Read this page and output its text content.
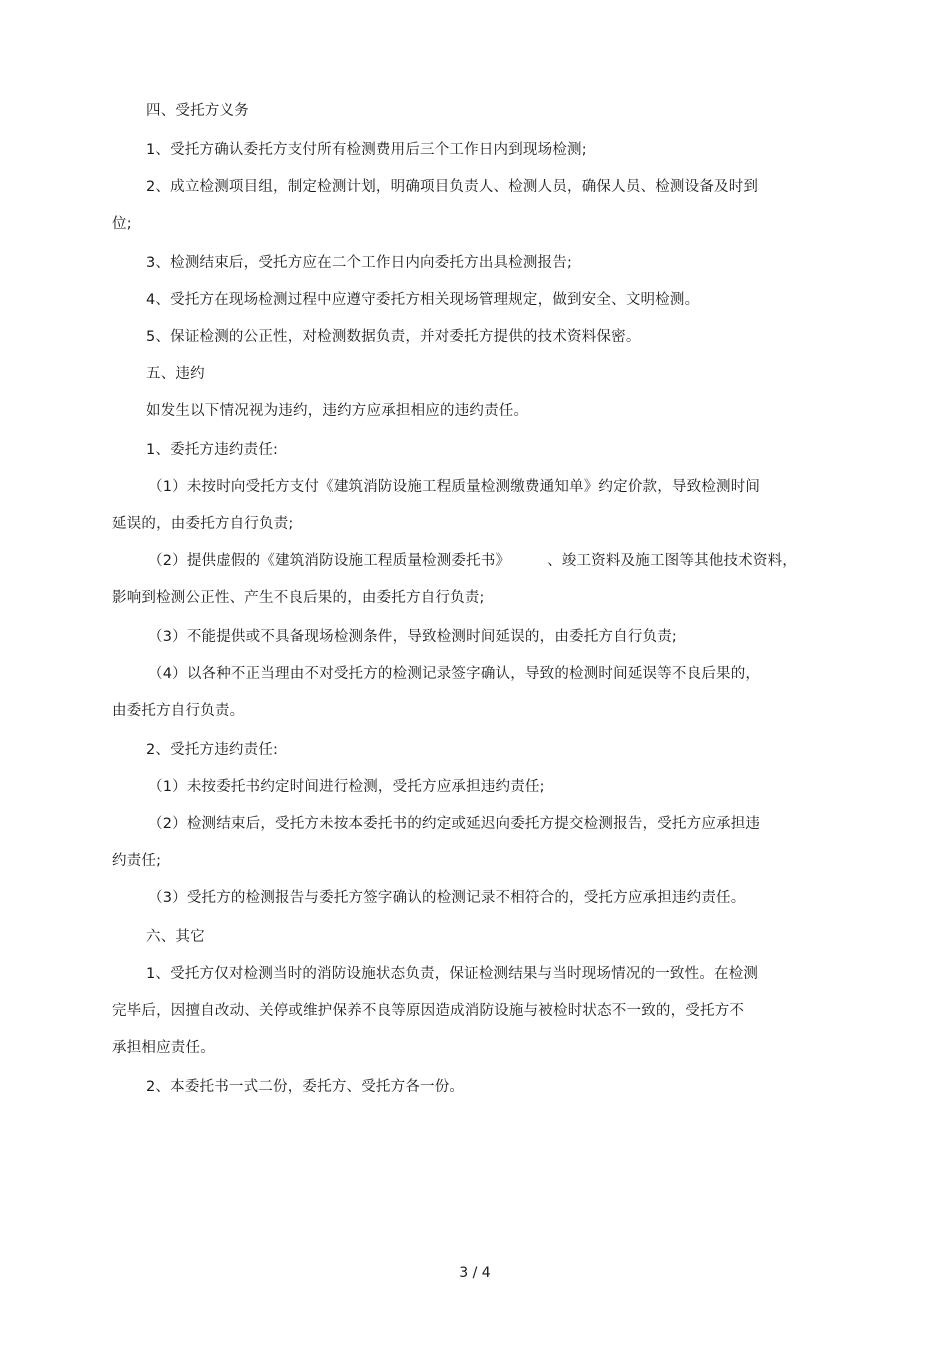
四、受托方义务
1、受托方确认委托方支付所有检测费用后三个工作日内到现场检测;
2、成立检测项目组，制定检测计划，明确项目负责人、检测人员，确保人员、检测设备及时到
位;
3、检测结束后，受托方应在二个工作日内向委托方出具检测报告;
4、受托方在现场检测过程中应遵守委托方相关现场管理规定，做到安全、文明检测。
5、保证检测的公正性，对检测数据负责，并对委托方提供的技术资料保密。
五、违约
如发生以下情况视为违约，违约方应承担相应的违约责任。
1、委托方违约责任:
（1）未按时向受托方支付《建筑消防设施工程质量检测缴费通知单》约定价款，导致检测时间
延误的，由委托方自行负责;
（2）提供虚假的《建筑消防设施工程质量检测委托书》　　　、竣工资料及施工图等其他技术资料，
影响到检测公正性、产生不良后果的，由委托方自行负责;
（3）不能提供或不具备现场检测条件，导致检测时间延误的，由委托方自行负责;
（4）以各种不正当理由不对受托方的检测记录签字确认，导致的检测时间延误等不良后果的，
由委托方自行负责。
2、受托方违约责任:
（1）未按委托书约定时间进行检测，受托方应承担违约责任;
（2）检测结束后，受托方未按本委托书的约定或延迟向委托方提交检测报告，受托方应承担违
约责任;
（3）受托方的检测报告与委托方签字确认的检测记录不相符合的，受托方应承担违约责任。
六、其它
1、受托方仅对检测当时的消防设施状态负责，保证检测结果与当时现场情况的一致性。在检测
完毕后，因擅自改动、关停或维护保养不良等原因造成消防设施与被检时状态不一致的，受托方不
承担相应责任。
2、本委托书一式二份，委托方、受托方各一份。
3 / 4
